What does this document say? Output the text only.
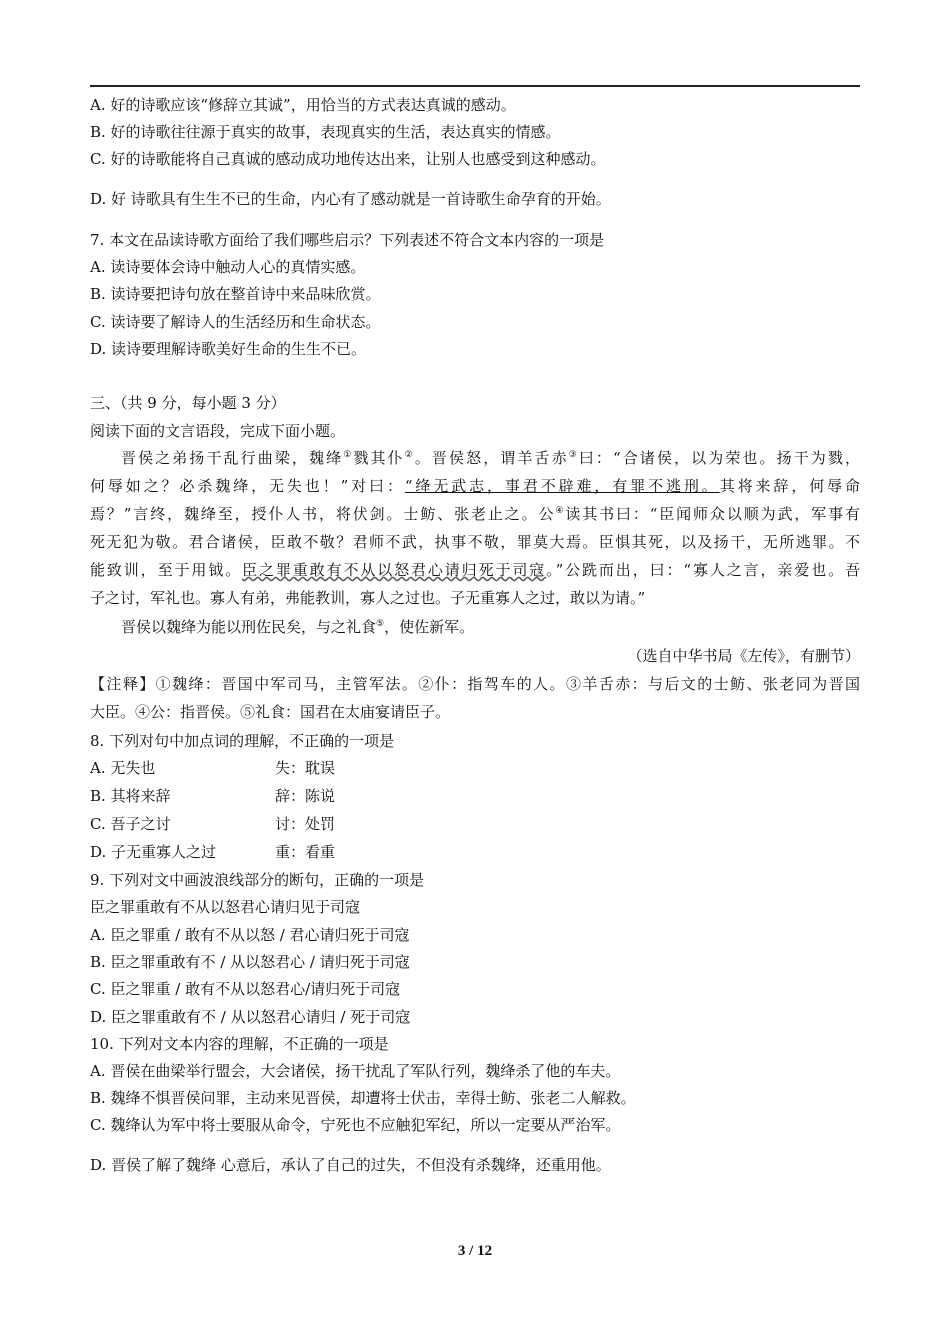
A. 好的诗歌应该“修辞立其诚”，用恰当的方式表达真诚的感动。
B. 好的诗歌往往源于真实的故事，表现真实的生活，表达真实的情感。
C. 好的诗歌能将自己真诚的感动成功地传达出来，让别人也感受到这种感动。
D. 好 诗歌具有生生不已的生命，内心有了感动就是一首诗歌生命孕育的开始。
7. 本文在品读诗歌方面给了我们哪些启示？下列表述不符合文本内容的一项是
A. 读诗要体会诗中触动人心的真情实感。
B. 读诗要把诗句放在整首诗中来品味欣赏。
C. 读诗要了解诗人的生活经历和生命状态。
D. 读诗要理解诗歌美好生命的生生不已。
三、（共 9 分，每小题 3 分）
阅读下面的文言语段，完成下面小题。
晋侯之弟扬干乱行曲梁，魏绛①戮其仆②。晋侯怒，谓羊舌赤③曰：“合诸侯，以为荣也。扬干为戮，
何辱如之？必杀魏绛，无失也！”对曰：“绛无武志，事君不辟难，有罪不逃刑。其将来辞，何辱命
焉？”言终，魏绛至，授仆人书，将伏剑。士鲂、张老止之。公④读其书曰：“臣闻师众以顺为武，军事有
死无犯为敬。君合诸侯，臣敢不敬？君师不武，执事不敬，罪莫大焉。臣惧其死，以及扬干，无所逃罪。不
能致训，至于用钺。臣之罪重敢有不从以怒君心请归死于司寇。”公跣而出，曰：“寡人之言，亲爱也。吾
子之讨，军礼也。寡人有弟，弗能教训，寡人之过也。子无重寡人之过，敢以为请。”
晋侯以魏绛为能以刑佐民矣，与之礼食⑤，使佐新军。
（选自中华书局《左传》，有删节）
【注释】①魏绛：晋国中军司马，主管军法。②仆：指驾车的人。③羊舌赤：与后文的士鲂、张老同为晋国
大臣。④公：指晋侯。⑤礼食：国君在太庙宴请臣子。
8. 下列对句中加点词的理解，不正确的一项是
A. 无失也	失：耽误
B. 其将来辞	辞：陈说
C. 吾子之讨	讨：处罚
D. 子无重寡人之过	重：看重
9. 下列对文中画波浪线部分的断句，正确的一项是
臣之罪重敢有不从以怒君心请归见于司寇
A. 臣之罪重 / 敢有不从以怒 / 君心请归死于司寇
B. 臣之罪重敢有不 / 从以怒君心 / 请归死于司寇
C. 臣之罪重 / 敢有不从以怒君心/请归死于司寇
D. 臣之罪重敢有不 / 从以怒君心请归 / 死于司寇
10. 下列对文本内容的理解，不正确的一项是
A. 晋侯在曲梁举行盟会，大会诸侯，扬干扰乱了军队行列，魏绛杀了他的车夫。
B. 魏绛不惧晋侯问罪，主动来见晋侯，却遭将士伏击，幸得士鲂、张老二人解救。
C. 魏绛认为军中将士要服从命令，宁死也不应触犯军纪，所以一定要从严治军。
D. 晋侯了解了魏绛 心意后，承认了自己的过失，不但没有杀魏绛，还重用他。
3 / 12
